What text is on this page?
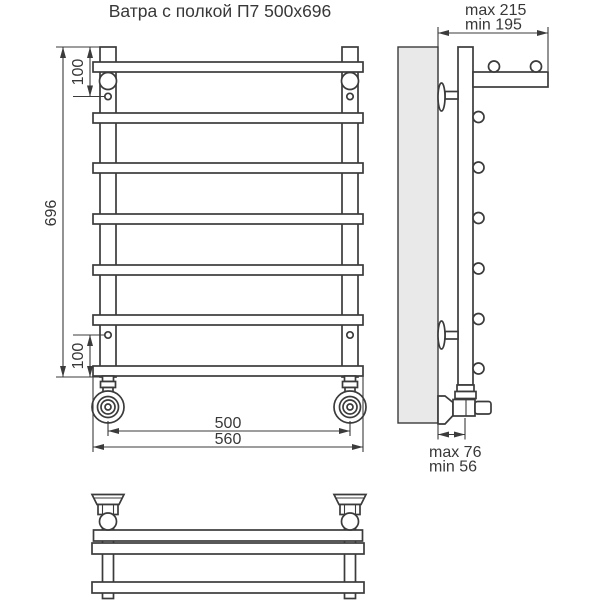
Ватра с полкой П7 500x696
696
100
100
500
560
max 215
min 195
max 76
min 56
